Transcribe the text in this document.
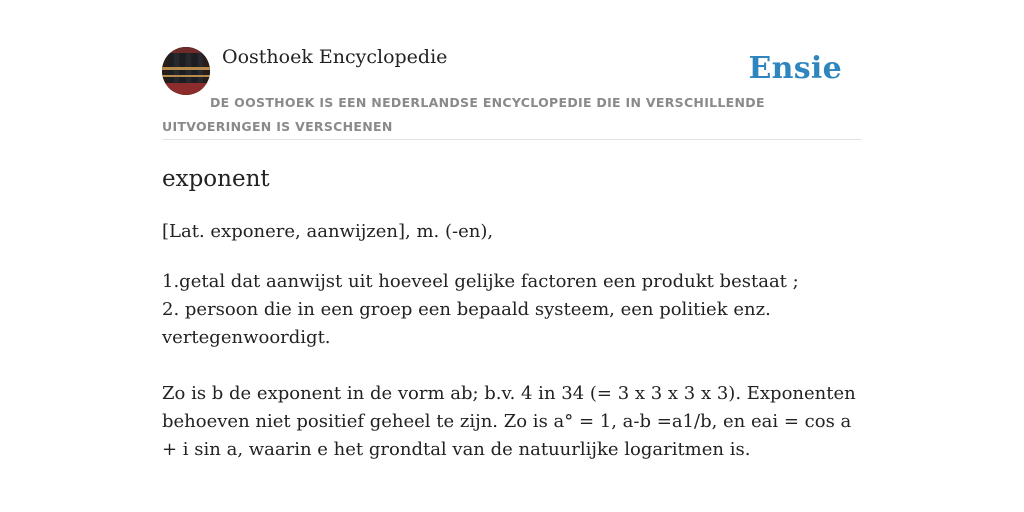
Oosthoek Encyclopedie	Ensie

DE OOSTHOEK IS EEN NEDERLANDSE ENCYCLOPEDIE DIE IN VERSCHILLENDE UITVOERINGEN IS VERSCHENEN

exponent

[Lat. exponere, aanwijzen], m. (-en),

1.getal dat aanwijst uit hoeveel gelijke factoren een produkt bestaat ;
2. persoon die in een groep een bepaald systeem, een politiek enz. vertegenwoordigt.

Zo is b de exponent in de vorm ab; b.v. 4 in 34 (= 3 x 3 x 3 x 3). Exponenten behoeven niet positief geheel te zijn. Zo is a° = 1, a-b =a1/b, en eai = cos a + i sin a, waarin e het grondtal van de natuurlijke logaritmen is.
